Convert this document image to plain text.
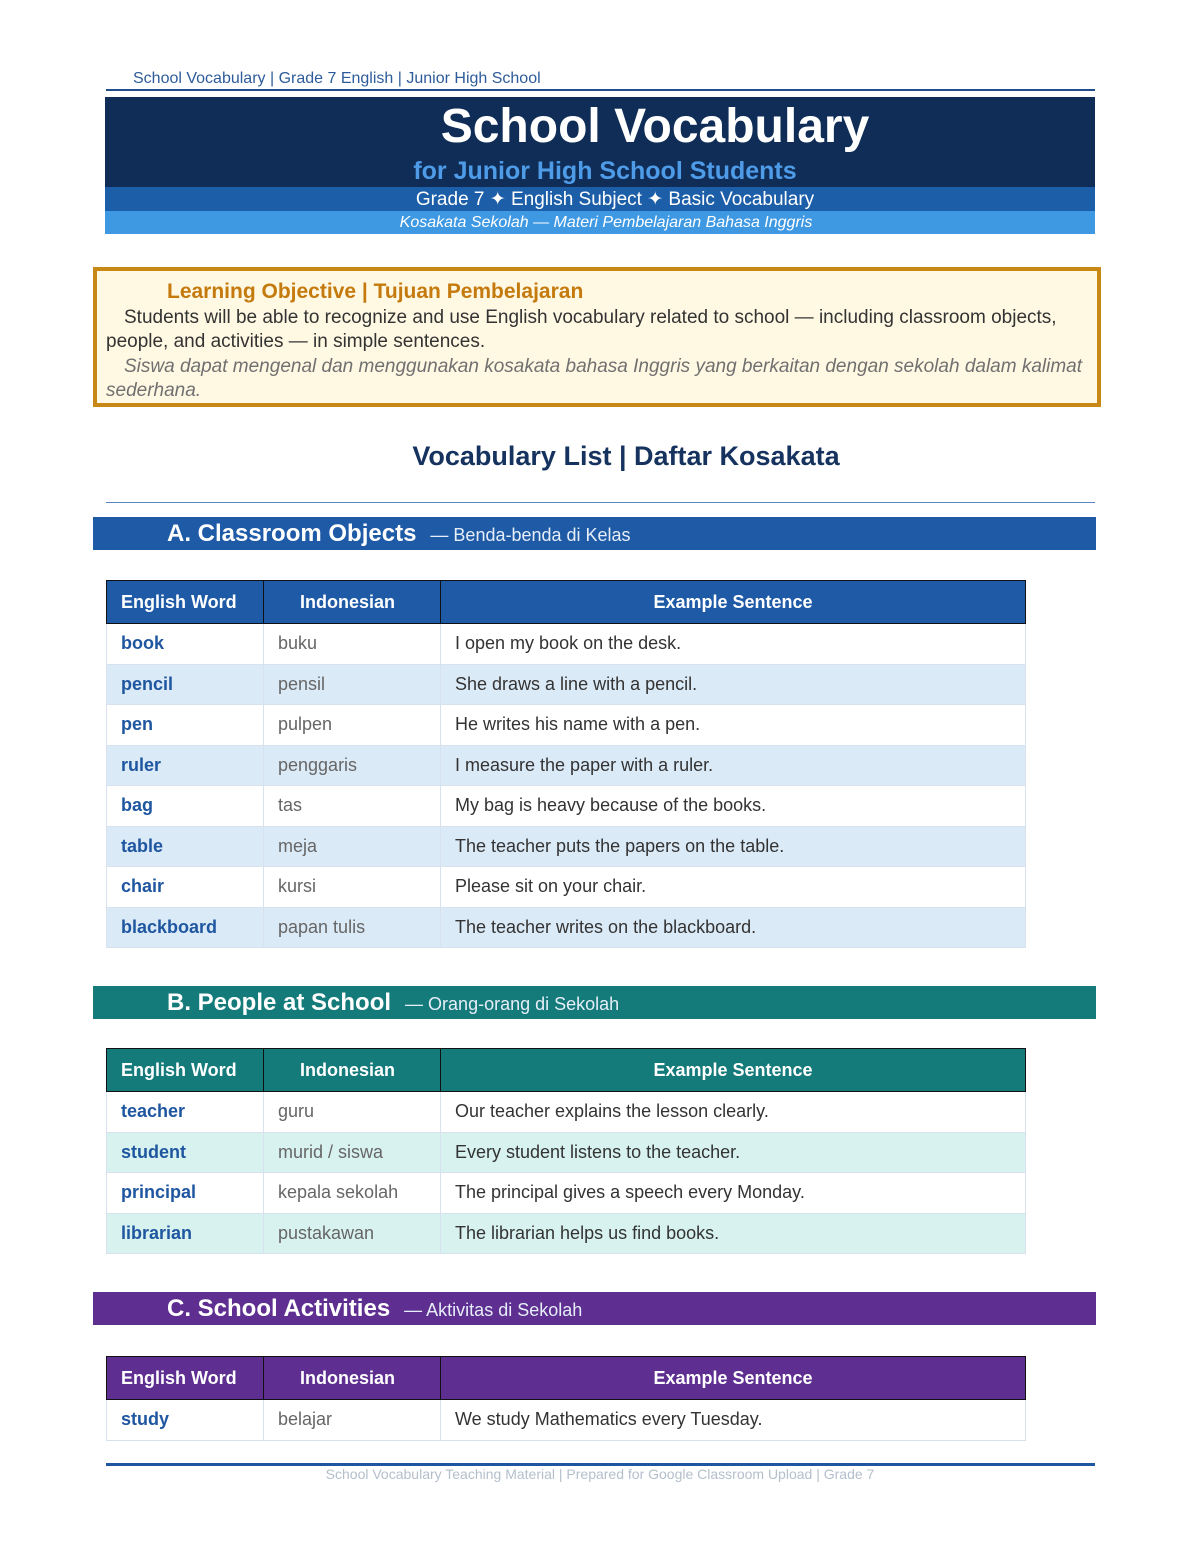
School Vocabulary | Grade 7 English | Junior High School
School Vocabulary
for Junior High School Students
Grade 7 ✦ English Subject ✦ Basic Vocabulary
Kosakata Sekolah — Materi Pembelajaran Bahasa Inggris
Learning Objective | Tujuan Pembelajaran
Students will be able to recognize and use English vocabulary related to school — including classroom objects, people, and activities — in simple sentences.
Siswa dapat mengenal dan menggunakan kosakata bahasa Inggris yang berkaitan dengan sekolah dalam kalimat sederhana.
Vocabulary List | Daftar Kosakata
A. Classroom Objects — Benda-benda di Kelas
English Word	Indonesian	Example Sentence
book	buku	I open my book on the desk.
pencil	pensil	She draws a line with a pencil.
pen	pulpen	He writes his name with a pen.
ruler	penggaris	I measure the paper with a ruler.
bag	tas	My bag is heavy because of the books.
table	meja	The teacher puts the papers on the table.
chair	kursi	Please sit on your chair.
blackboard	papan tulis	The teacher writes on the blackboard.
B. People at School — Orang-orang di Sekolah
English Word	Indonesian	Example Sentence
teacher	guru	Our teacher explains the lesson clearly.
student	murid / siswa	Every student listens to the teacher.
principal	kepala sekolah	The principal gives a speech every Monday.
librarian	pustakawan	The librarian helps us find books.
C. School Activities — Aktivitas di Sekolah
English Word	Indonesian	Example Sentence
study	belajar	We study Mathematics every Tuesday.
School Vocabulary Teaching Material | Prepared for Google Classroom Upload | Grade 7
